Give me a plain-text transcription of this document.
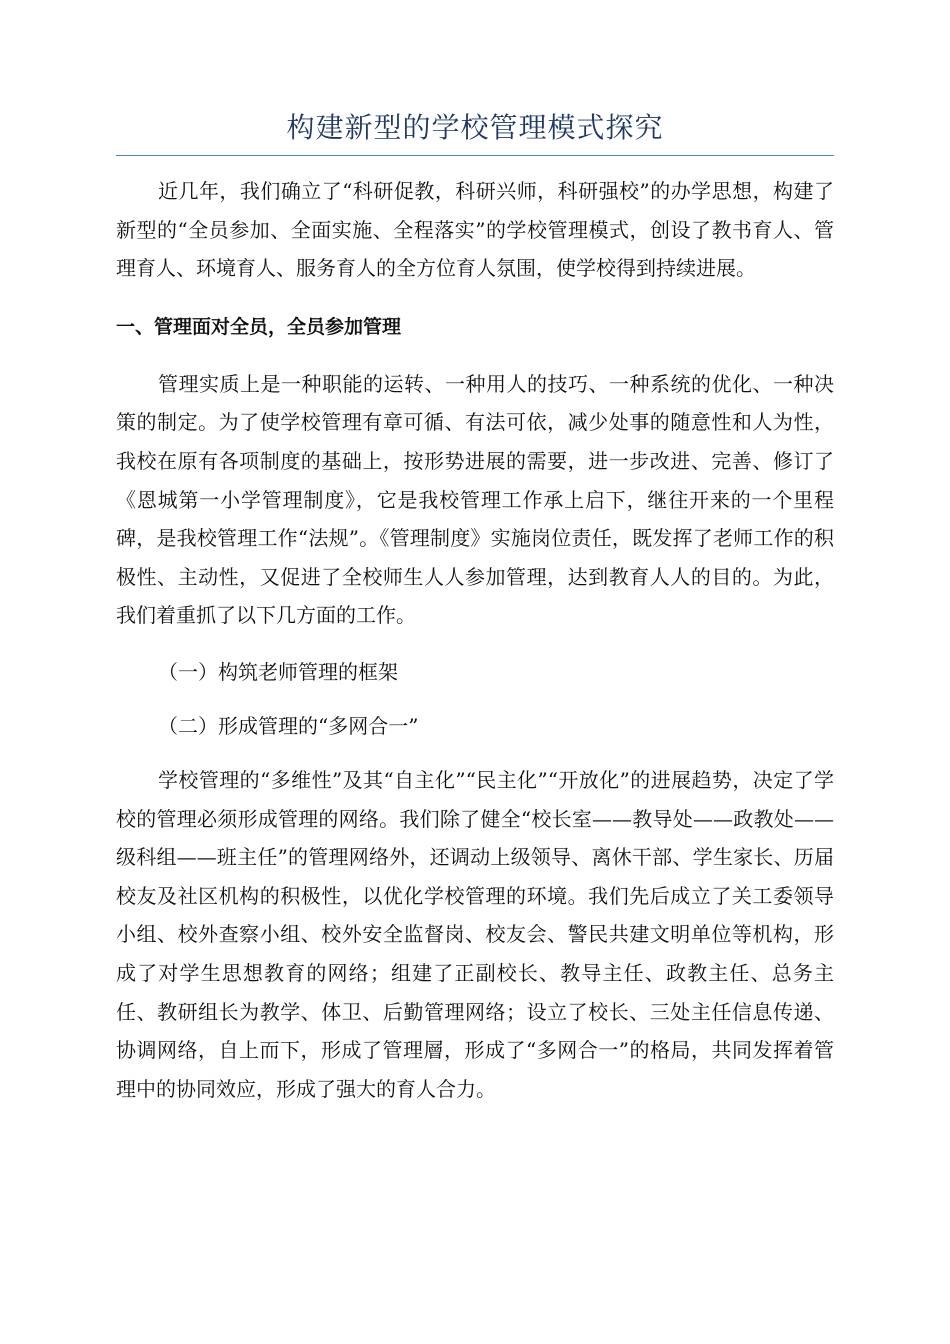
构建新型的学校管理模式探究

近几年，我们确立了“科研促教，科研兴师，科研强校”的办学思想，构建了新型的“全员参加、全面实施、全程落实”的学校管理模式，创设了教书育人、管理育人、环境育人、服务育人的全方位育人氛围，使学校得到持续进展。

一、管理面对全员，全员参加管理

管理实质上是一种职能的运转、一种用人的技巧、一种系统的优化、一种决策的制定。为了使学校管理有章可循、有法可依，减少处事的随意性和人为性，我校在原有各项制度的基础上，按形势进展的需要，进一步改进、完善、修订了《恩城第一小学管理制度》，它是我校管理工作承上启下，继往开来的一个里程碑，是我校管理工作“法规”。《管理制度》实施岗位责任，既发挥了老师工作的积极性、主动性，又促进了全校师生人人参加管理，达到教育人人的目的。为此，我们着重抓了以下几方面的工作。

（一）构筑老师管理的框架
（二）形成管理的“多网合一”

学校管理的“多维性”及其“自主化”“民主化”“开放化”的进展趋势，决定了学校的管理必须形成管理的网络。我们除了健全“校长室——教导处——政教处——级科组——班主任”的管理网络外，还调动上级领导、离休干部、学生家长、历届校友及社区机构的积极性，以优化学校管理的环境。我们先后成立了关工委领导小组、校外查察小组、校外安全监督岗、校友会、警民共建文明单位等机构，形成了对学生思想教育的网络；组建了正副校长、教导主任、政教主任、总务主任、教研组长为教学、体卫、后勤管理网络；设立了校长、三处主任信息传递、协调网络，自上而下，形成了管理層，形成了“多网合一”的格局，共同发挥着管理中的协同效应，形成了强大的育人合力。
